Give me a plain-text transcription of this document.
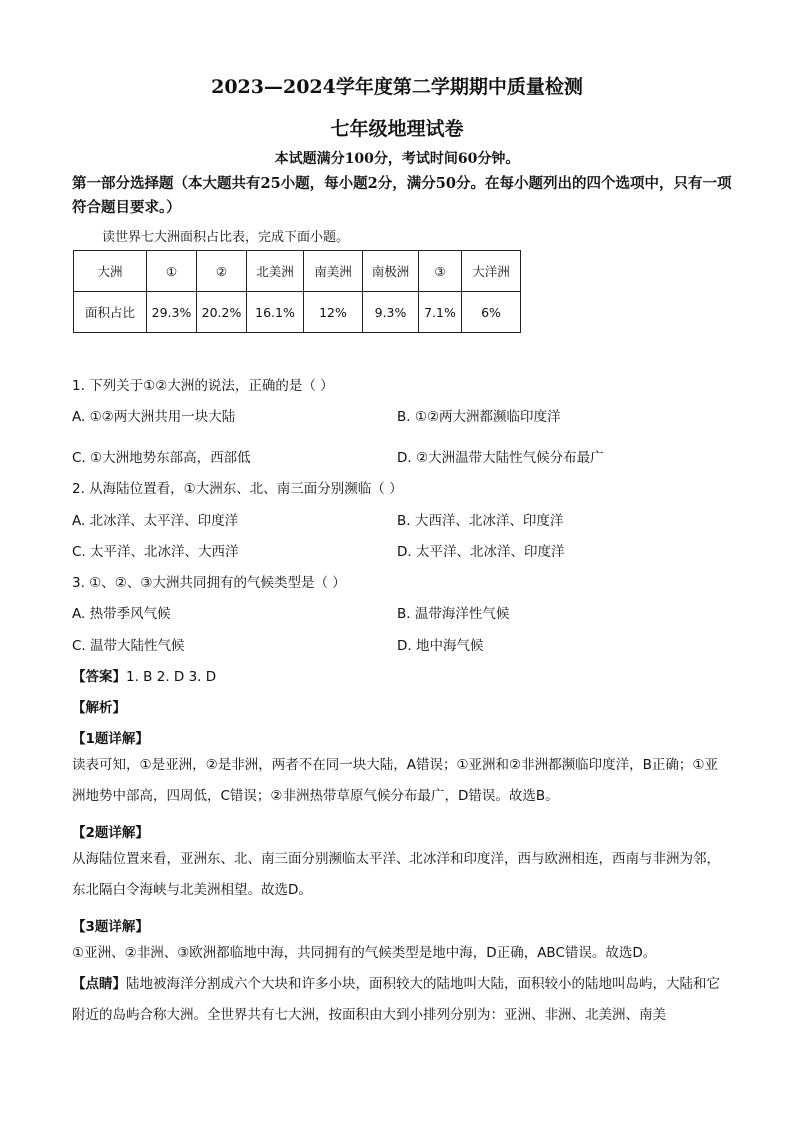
2023—2024学年度第二学期期中质量检测
七年级地理试卷
本试题满分100分，考试时间60分钟。
第一部分选择题（本大题共有25小题，每小题2分，满分50分。在每小题列出的四个选项中，只有一项符合题目要求。）
读世界七大洲面积占比表，完成下面小题。
大洲	①	②	北美洲	南美洲	南极洲	③	大洋洲
面积占比	29.3%	20.2%	16.1%	12%	9.3%	7.1%	6%
1. 下列关于①②大洲的说法，正确的是（ ）
A. ①②两大洲共用一块大陆	B. ①②两大洲都濒临印度洋
C. ①大洲地势东部高，西部低	D. ②大洲温带大陆性气候分布最广
2. 从海陆位置看，①大洲东、北、南三面分别濒临（ ）
A. 北冰洋、太平洋、印度洋	B. 大西洋、北冰洋、印度洋
C. 太平洋、北冰洋、大西洋	D. 太平洋、北冰洋、印度洋
3. ①、②、③大洲共同拥有的气候类型是（ ）
A. 热带季风气候	B. 温带海洋性气候
C. 温带大陆性气候	D. 地中海气候
【答案】1. B 2. D 3. D
【解析】
【1题详解】
读表可知，①是亚洲，②是非洲，两者不在同一块大陆，A错误；①亚洲和②非洲都濒临印度洋，B正确；①亚洲地势中部高，四周低，C错误；②非洲热带草原气候分布最广，D错误。故选B。
【2题详解】
从海陆位置来看，亚洲东、北、南三面分别濒临太平洋、北冰洋和印度洋，西与欧洲相连，西南与非洲为邻，东北隔白令海峡与北美洲相望。故选D。
【3题详解】
①亚洲、②非洲、③欧洲都临地中海，共同拥有的气候类型是地中海，D正确，ABC错误。故选D。
【点睛】陆地被海洋分割成六个大块和许多小块，面积较大的陆地叫大陆，面积较小的陆地叫岛屿，大陆和它附近的岛屿合称大洲。全世界共有七大洲，按面积由大到小排列分别为：亚洲、非洲、北美洲、南美
